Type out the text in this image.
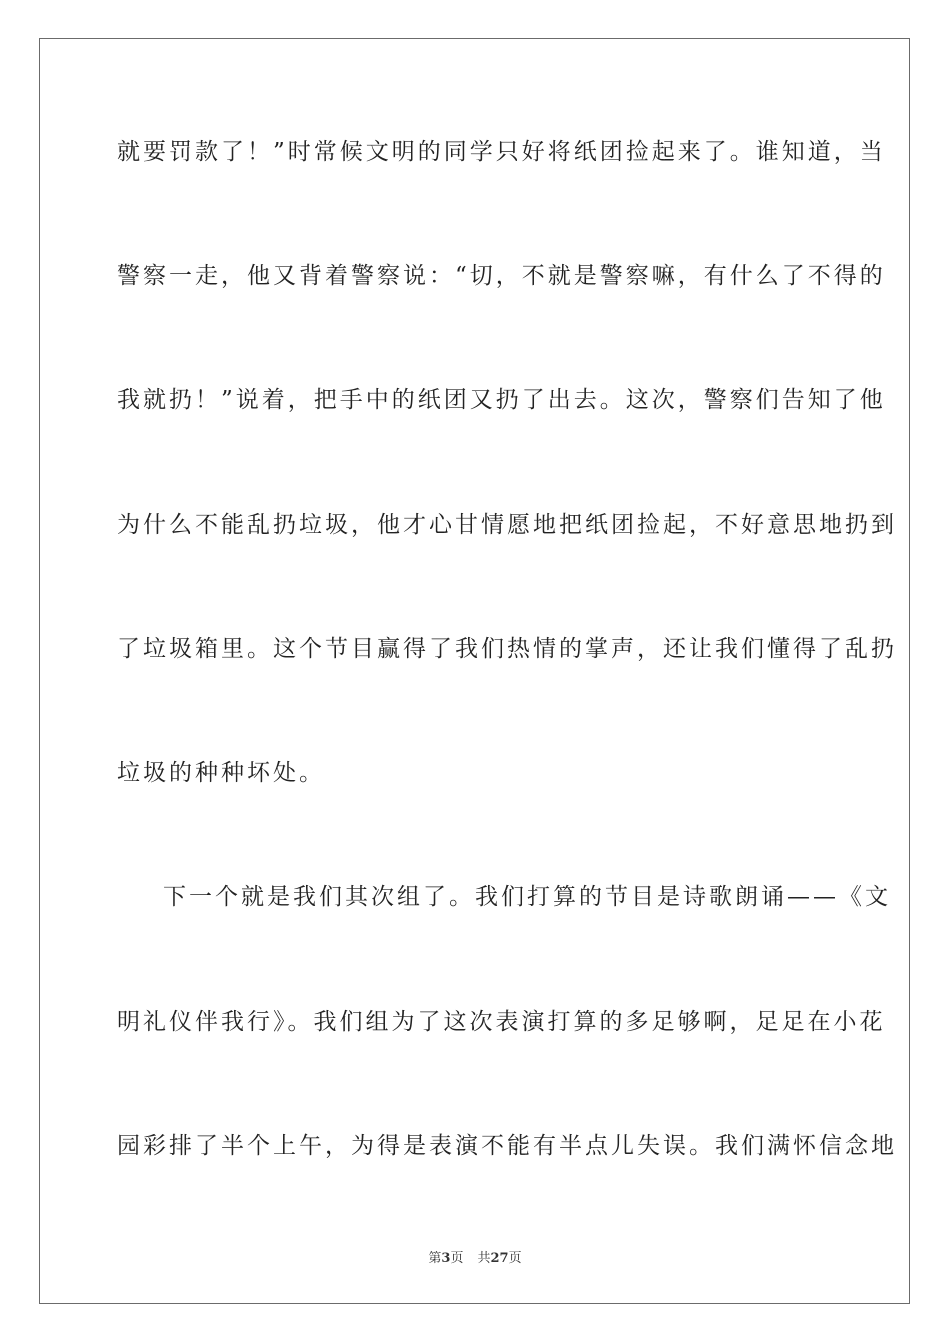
就要罚款了！”时常候文明的同学只好将纸团捡起来了。谁知道，当
警察一走，他又背着警察说：“切，不就是警察嘛，有什么了不得的
我就扔！”说着，把手中的纸团又扔了出去。这次，警察们告知了他
为什么不能乱扔垃圾，他才心甘情愿地把纸团捡起，不好意思地扔到
了垃圾箱里。这个节目赢得了我们热情的掌声，还让我们懂得了乱扔
垃圾的种种坏处。
下一个就是我们其次组了。我们打算的节目是诗歌朗诵——《文
明礼仪伴我行》。我们组为了这次表演打算的多足够啊，足足在小花
园彩排了半个上午，为得是表演不能有半点儿失误。我们满怀信念地
第3页 共27页
